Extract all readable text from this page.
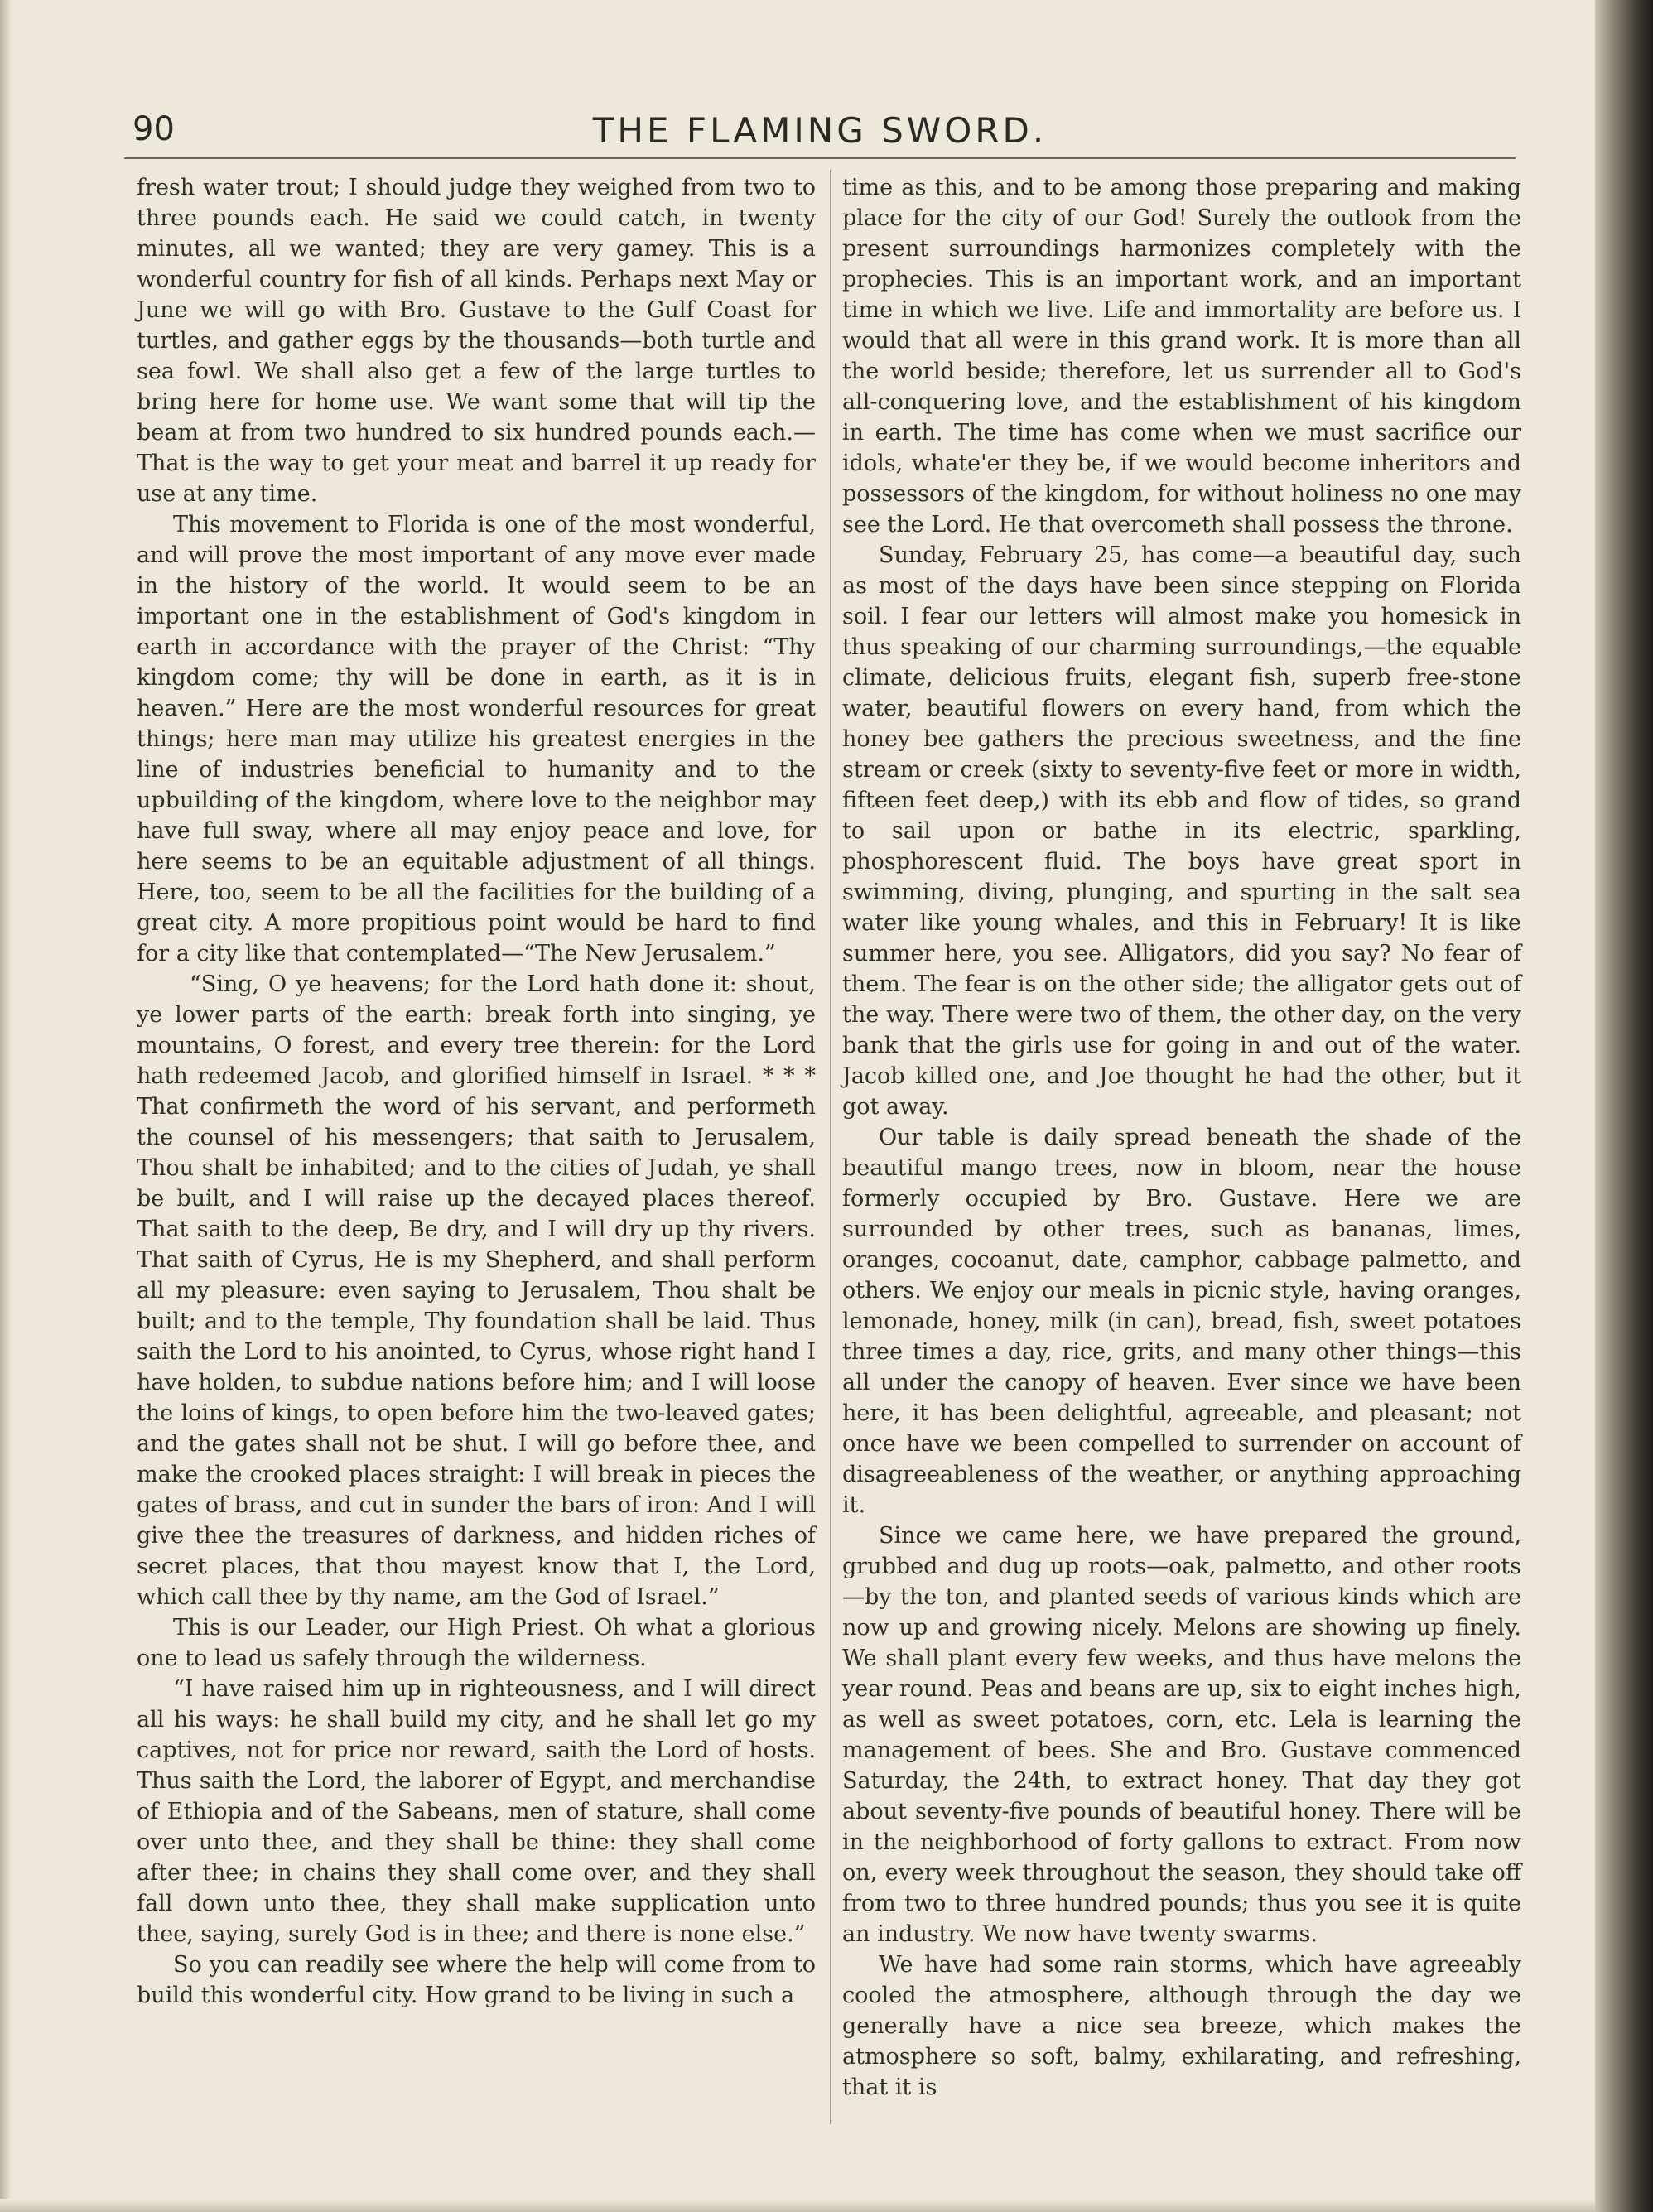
90	THE FLAMING SWORD.

fresh water trout; I should judge they weighed from two to three pounds each. He said we could catch, in twenty minutes, all we wanted; they are very gamey. This is a wonderful country for fish of all kinds. Perhaps next May or June we will go with Bro. Gustave to the Gulf Coast for turtles, and gather eggs by the thousands—both turtle and sea fowl. We shall also get a few of the large turtles to bring here for home use. We want some that will tip the beam at from two hundred to six hundred pounds each.—That is the way to get your meat and barrel it up ready for use at any time.

This movement to Florida is one of the most wonderful, and will prove the most important of any move ever made in the history of the world. It would seem to be an important one in the establishment of God's kingdom in earth in accordance with the prayer of the Christ: “Thy kingdom come; thy will be done in earth, as it is in heaven.” Here are the most wonderful resources for great things; here man may utilize his greatest energies in the line of industries beneficial to humanity and to the upbuilding of the kingdom, where love to the neighbor may have full sway, where all may enjoy peace and love, for here seems to be an equitable adjustment of all things. Here, too, seem to be all the facilities for the building of a great city. A more propitious point would be hard to find for a city like that contemplated—“The New Jerusalem.”

“Sing, O ye heavens; for the Lord hath done it: shout, ye lower parts of the earth: break forth into singing, ye mountains, O forest, and every tree therein: for the Lord hath redeemed Jacob, and glorified himself in Israel. * * * That confirmeth the word of his servant, and performeth the counsel of his messengers; that saith to Jerusalem, Thou shalt be inhabited; and to the cities of Judah, ye shall be built, and I will raise up the decayed places thereof. That saith to the deep, Be dry, and I will dry up thy rivers. That saith of Cyrus, He is my Shepherd, and shall perform all my pleasure: even saying to Jerusalem, Thou shalt be built; and to the temple, Thy foundation shall be laid. Thus saith the Lord to his anointed, to Cyrus, whose right hand I have holden, to subdue nations before him; and I will loose the loins of kings, to open before him the two-leaved gates; and the gates shall not be shut. I will go before thee, and make the crooked places straight: I will break in pieces the gates of brass, and cut in sunder the bars of iron: And I will give thee the treasures of darkness, and hidden riches of secret places, that thou mayest know that I, the Lord, which call thee by thy name, am the God of Israel.”

This is our Leader, our High Priest. Oh what a glorious one to lead us safely through the wilderness.

“I have raised him up in righteousness, and I will direct all his ways: he shall build my city, and he shall let go my captives, not for price nor reward, saith the Lord of hosts. Thus saith the Lord, the laborer of Egypt, and merchandise of Ethiopia and of the Sabeans, men of stature, shall come over unto thee, and they shall be thine: they shall come after thee; in chains they shall come over, and they shall fall down unto thee, they shall make supplication unto thee, saying, surely God is in thee; and there is none else.”

So you can readily see where the help will come from to build this wonderful city. How grand to be living in such a

time as this, and to be among those preparing and making place for the city of our God! Surely the outlook from the present surroundings harmonizes completely with the prophecies. This is an important work, and an important time in which we live. Life and immortality are before us. I would that all were in this grand work. It is more than all the world beside; therefore, let us surrender all to God's all-conquering love, and the establishment of his kingdom in earth. The time has come when we must sacrifice our idols, whate'er they be, if we would become inheritors and possessors of the kingdom, for without holiness no one may see the Lord. He that overcometh shall possess the throne.

Sunday, February 25, has come—a beautiful day, such as most of the days have been since stepping on Florida soil. I fear our letters will almost make you homesick in thus speaking of our charming surroundings,—the equable climate, delicious fruits, elegant fish, superb free-stone water, beautiful flowers on every hand, from which the honey bee gathers the precious sweetness, and the fine stream or creek (sixty to seventy-five feet or more in width, fifteen feet deep,) with its ebb and flow of tides, so grand to sail upon or bathe in its electric, sparkling, phosphorescent fluid. The boys have great sport in swimming, diving, plunging, and spurting in the salt sea water like young whales, and this in February! It is like summer here, you see. Alligators, did you say? No fear of them. The fear is on the other side; the alligator gets out of the way. There were two of them, the other day, on the very bank that the girls use for going in and out of the water. Jacob killed one, and Joe thought he had the other, but it got away.

Our table is daily spread beneath the shade of the beautiful mango trees, now in bloom, near the house formerly occupied by Bro. Gustave. Here we are surrounded by other trees, such as bananas, limes, oranges, cocoanut, date, camphor, cabbage palmetto, and others. We enjoy our meals in picnic style, having oranges, lemonade, honey, milk (in can), bread, fish, sweet potatoes three times a day, rice, grits, and many other things—this all under the canopy of heaven. Ever since we have been here, it has been delightful, agreeable, and pleasant; not once have we been compelled to surrender on account of disagreeableness of the weather, or anything approaching it.

Since we came here, we have prepared the ground, grubbed and dug up roots—oak, palmetto, and other roots—by the ton, and planted seeds of various kinds which are now up and growing nicely. Melons are showing up finely. We shall plant every few weeks, and thus have melons the year round. Peas and beans are up, six to eight inches high, as well as sweet potatoes, corn, etc. Lela is learning the management of bees. She and Bro. Gustave commenced Saturday, the 24th, to extract honey. That day they got about seventy-five pounds of beautiful honey. There will be in the neighborhood of forty gallons to extract. From now on, every week throughout the season, they should take off from two to three hundred pounds; thus you see it is quite an industry. We now have twenty swarms.

We have had some rain storms, which have agreeably cooled the atmosphere, although through the day we generally have a nice sea breeze, which makes the atmosphere so soft, balmy, exhilarating, and refreshing, that it is
